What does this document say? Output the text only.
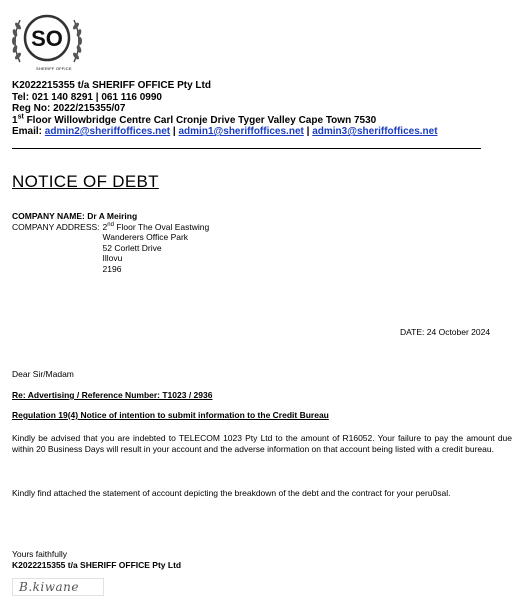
SO
SHERIFF OFFICE
K2022215355 t/a SHERIFF OFFICE Pty Ltd
Tel: 021 140 8291 | 061 116 0990
Reg No: 2022/215355/07
1st Floor Willowbridge Centre Carl Cronje Drive Tyger Valley Cape Town 7530
Email: admin2@sheriffoffices.net | admin1@sheriffoffices.net | admin3@sheriffoffices.net
NOTICE OF DEBT
COMPANY NAME: Dr A Meiring
COMPANY ADDRESS: 2nd Floor The Oval Eastwing
Wanderers Office Park
52 Corlett Drive
Illovu
2196
DATE: 24 October 2024
Dear Sir/Madam
Re: Advertising / Reference Number: T1023 / 2936
Regulation 19(4) Notice of intention to submit information to the Credit Bureau
Kindly be advised that you are indebted to TELECOM 1023 Pty Ltd to the amount of R16052. Your failure to pay the amount due within 20 Business Days will result in your account and the adverse information on that account being listed with a credit bureau.
Kindly find attached the statement of account depicting the breakdown of the debt and the contract for your peru0sal.
Yours faithfully
K2022215355 t/a SHERIFF OFFICE Pty Ltd
B.kiwane
